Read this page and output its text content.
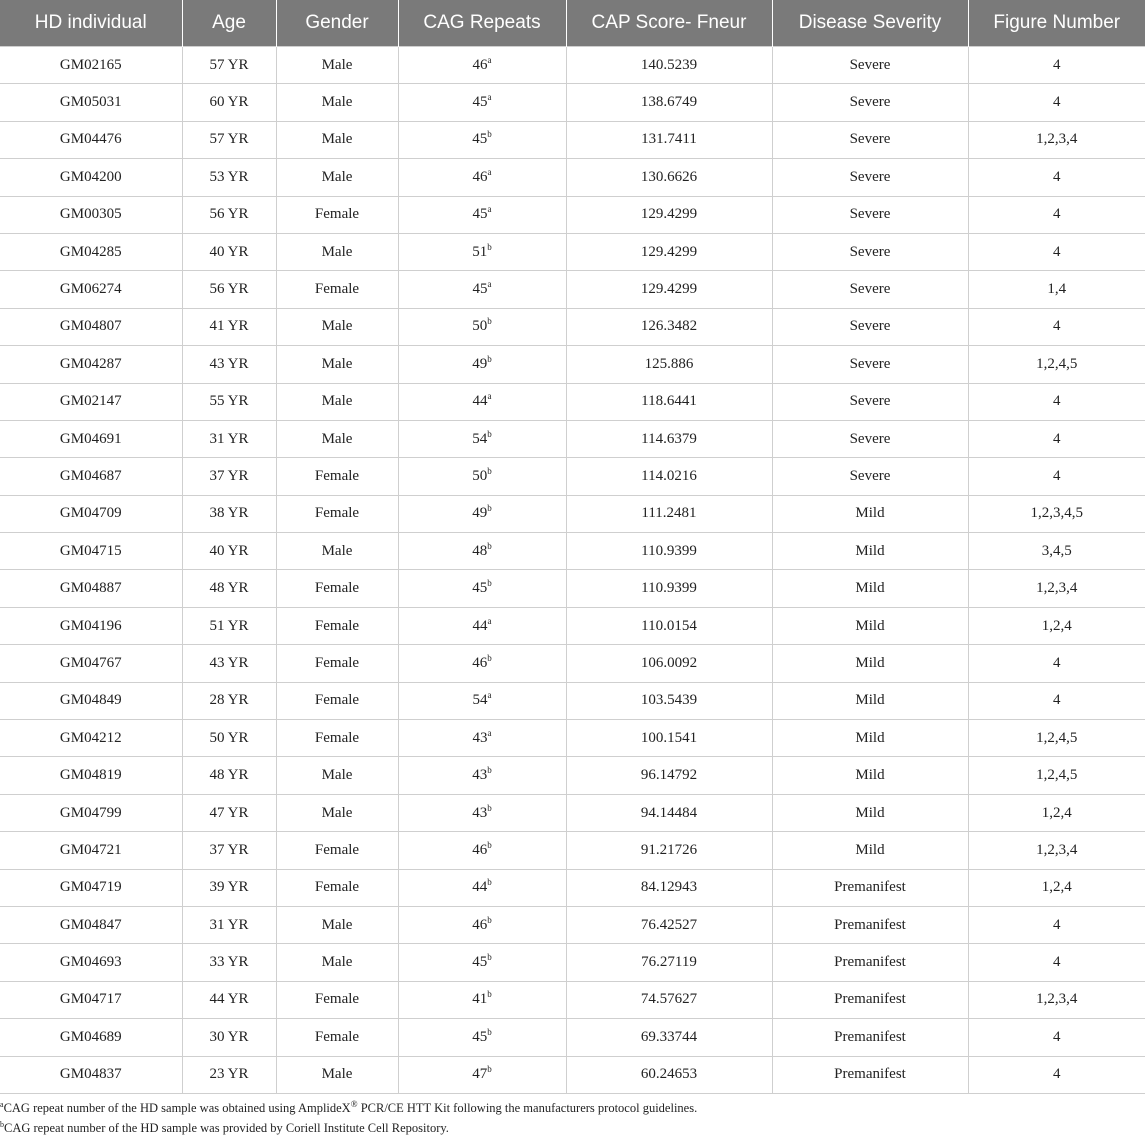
HD individual	Age	Gender	CAG Repeats	CAP Score- Fneur	Disease Severity	Figure Number
GM02165	57 YR	Male	46$^a$	140.5239	Severe	4
GM05031	60 YR	Male	45$^a$	138.6749	Severe	4
GM04476	57 YR	Male	45$^b$	131.7411	Severe	1,2,3,4
GM04200	53 YR	Male	46$^a$	130.6626	Severe	4
GM00305	56 YR	Female	45$^a$	129.4299	Severe	4
GM04285	40 YR	Male	51$^b$	129.4299	Severe	4
GM06274	56 YR	Female	45$^a$	129.4299	Severe	1,4
GM04807	41 YR	Male	50$^b$	126.3482	Severe	4
GM04287	43 YR	Male	49$^b$	125.886	Severe	1,2,4,5
GM02147	55 YR	Male	44$^a$	118.6441	Severe	4
GM04691	31 YR	Male	54$^b$	114.6379	Severe	4
GM04687	37 YR	Female	50$^b$	114.0216	Severe	4
GM04709	38 YR	Female	49$^b$	111.2481	Mild	1,2,3,4,5
GM04715	40 YR	Male	48$^b$	110.9399	Mild	3,4,5
GM04887	48 YR	Female	45$^b$	110.9399	Mild	1,2,3,4
GM04196	51 YR	Female	44$^a$	110.0154	Mild	1,2,4
GM04767	43 YR	Female	46$^b$	106.0092	Mild	4
GM04849	28 YR	Female	54$^a$	103.5439	Mild	4
GM04212	50 YR	Female	43$^a$	100.1541	Mild	1,2,4,5
GM04819	48 YR	Male	43$^b$	96.14792	Mild	1,2,4,5
GM04799	47 YR	Male	43$^b$	94.14484	Mild	1,2,4
GM04721	37 YR	Female	46$^b$	91.21726	Mild	1,2,3,4
GM04719	39 YR	Female	44$^b$	84.12943	Premanifest	1,2,4
GM04847	31 YR	Male	46$^b$	76.42527	Premanifest	4
GM04693	33 YR	Male	45$^b$	76.27119	Premanifest	4
GM04717	44 YR	Female	41$^b$	74.57627	Premanifest	1,2,3,4
GM04689	30 YR	Female	45$^b$	69.33744	Premanifest	4
GM04837	23 YR	Male	47$^b$	60.24653	Premanifest	4
$^a$CAG repeat number of the HD sample was obtained using AmplideX® PCR/CE HTT Kit following the manufacturers protocol guidelines.
$^b$CAG repeat number of the HD sample was provided by Coriell Institute Cell Repository.
